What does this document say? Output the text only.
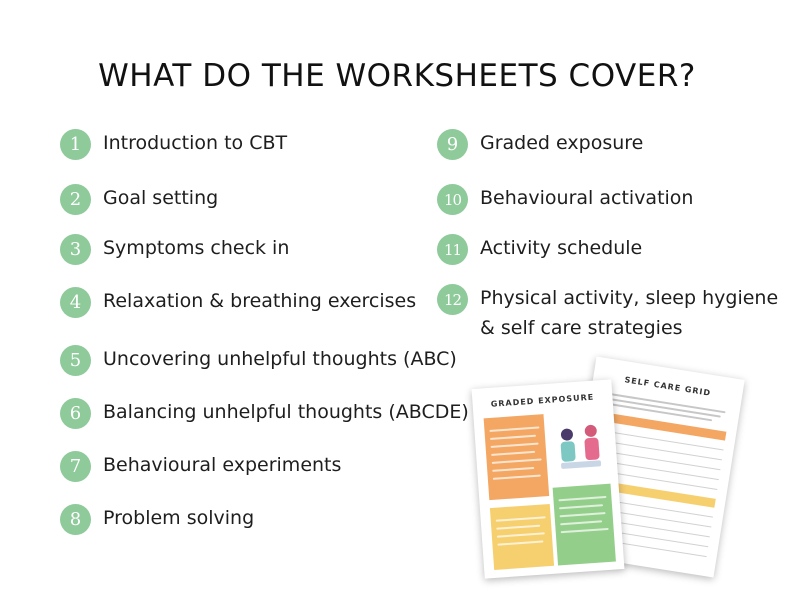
WHAT DO THE WORKSHEETS COVER?
1	Introduction to CBT
2	Goal setting
3	Symptoms check in
4	Relaxation & breathing exercises
5	Uncovering unhelpful thoughts (ABC)
6	Balancing unhelpful thoughts (ABCDE)
7	Behavioural experiments
8	Problem solving
9	Graded exposure
10 Behavioural activation
11 Activity schedule
12 Physical activity, sleep hygiene & self care strategies
SELF CARE GRID
GRADED EXPOSURE
